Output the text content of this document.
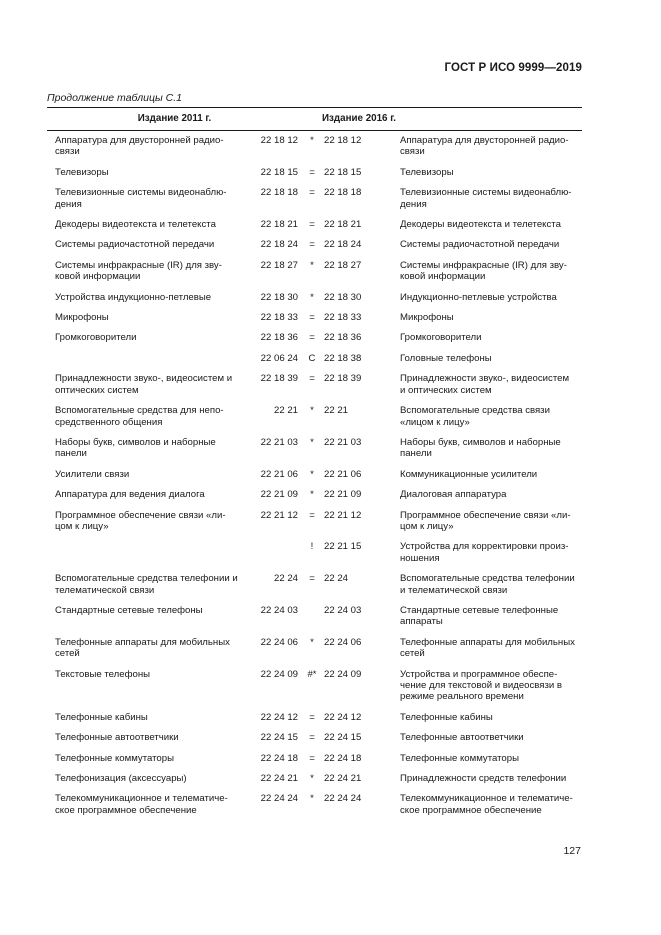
ГОСТ Р ИСО 9999—2019
Продолжение таблицы С.1
Издание 2011 г.			Издание 2016 г.	
Аппаратура для двусторонней радио-связи	22 18 12	*	22 18 12	Аппаратура для двусторонней радио-связи
Телевизоры	22 18 15	=	22 18 15	Телевизоры
Телевизионные системы видеонаблю-дения	22 18 18	=	22 18 18	Телевизионные системы видеонаблю-дения
Декодеры видеотекста и телетекста	22 18 21	=	22 18 21	Декодеры видеотекста и телетекста
Системы радиочастотной передачи	22 18 24	=	22 18 24	Системы радиочастотной передачи
Системы инфракрасные (IR) для зву-ковой информации	22 18 27	*	22 18 27	Системы инфракрасные (IR) для зву-ковой информации
Устройства индукционно-петлевые	22 18 30	*	22 18 30	Индукционно-петлевые устройства
Микрофоны	22 18 33	=	22 18 33	Микрофоны
Громкоговорители	22 18 36	=	22 18 36	Громкоговорители
	22 06 24	C	22 18 38	Головные телефоны
Принадлежности звуко-, видеосистем и оптических систем	22 18 39	=	22 18 39	Принадлежности звуко-, видеосистем и оптических систем
Вспомогательные средства для непо-средственного общения	22 21	*	22 21	Вспомогательные средства связи «лицом к лицу»
Наборы букв, символов и наборные панели	22 21 03	*	22 21 03	Наборы букв, символов и наборные панели
Усилители связи	22 21 06	*	22 21 06	Коммуникационные усилители
Аппаратура для ведения диалога	22 21 09	*	22 21 09	Диалоговая аппаратура
Программное обеспечение связи «ли-цом к лицу»	22 21 12	=	22 21 12	Программное обеспечение связи «ли-цом к лицу»
		!	22 21 15	Устройства для корректировки произ-ношения
Вспомогательные средства телефонии и телематической связи	22 24	=	22 24	Вспомогательные средства телефонии и телематической связи
Стандартные сетевые телефоны	22 24 03		22 24 03	Стандартные сетевые телефонные аппараты
Телефонные аппараты для мобильных сетей	22 24 06	*	22 24 06	Телефонные аппараты для мобильных сетей
Текстовые телефоны	22 24 09	#*	22 24 09	Устройства и программное обеспе-чение для текстовой и видеосвязи в режиме реального времени
Телефонные кабины	22 24 12	=	22 24 12	Телефонные кабины
Телефонные автоответчики	22 24 15	=	22 24 15	Телефонные автоответчики
Телефонные коммутаторы	22 24 18	=	22 24 18	Телефонные коммутаторы
Телефонизация (аксессуары)	22 24 21	*	22 24 21	Принадлежности средств телефонии
Телекоммуникационное и телематиче-ское программное обеспечение	22 24 24	*	22 24 24	Телекоммуникационное и телематиче-ское программное обеспечение
127
